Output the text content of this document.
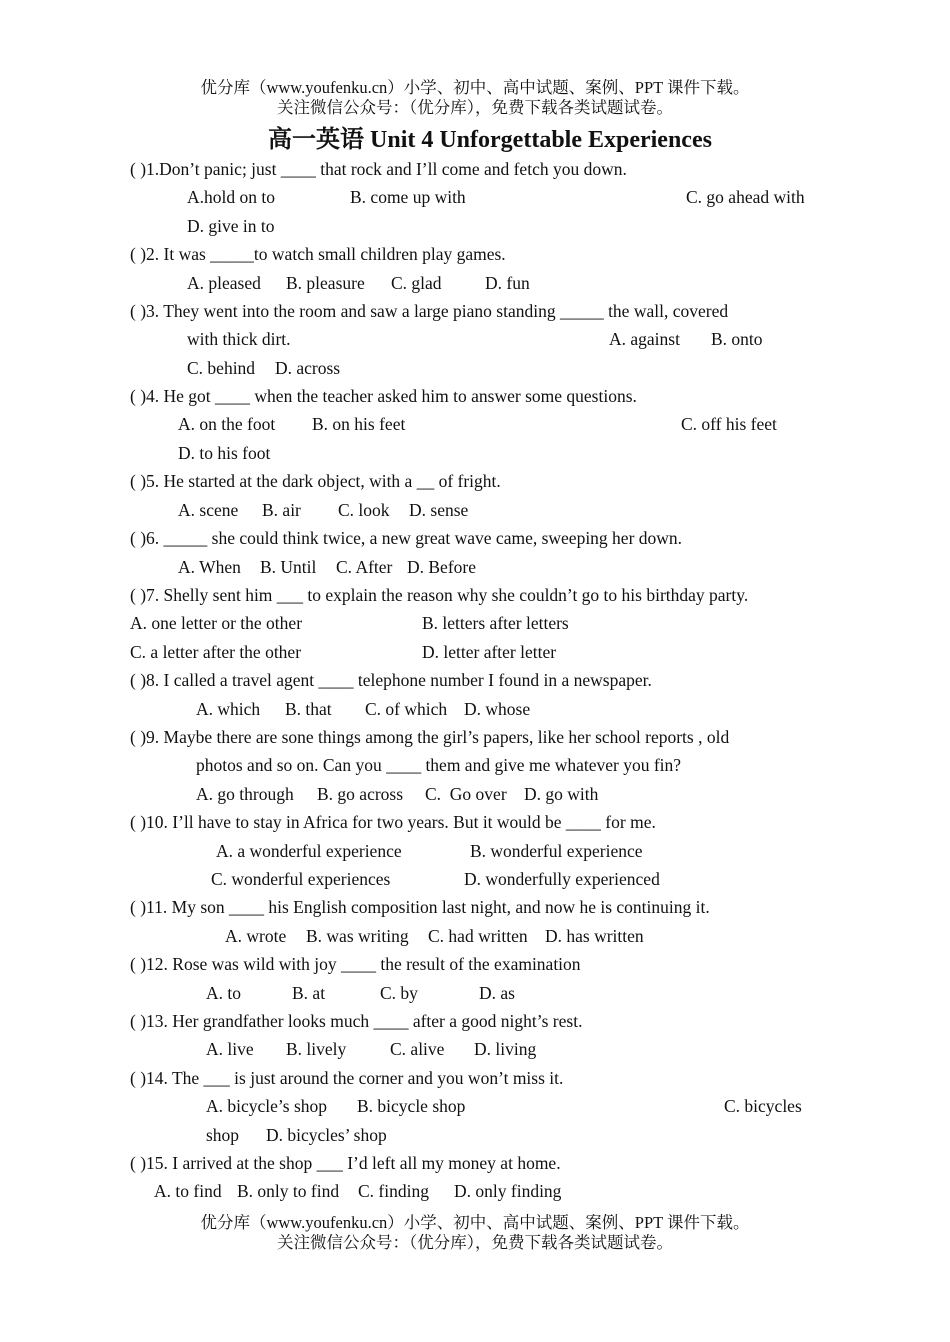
优分库（www.youfenku.cn）小学、初中、高中试题、案例、PPT 课件下载。
关注微信公众号：（优分库），免费下载各类试题试卷。
高一英语 Unit 4 Unforgettable Experiences
( )1.Don’t panic; just ____ that rock and I’ll come and fetch you down.
A.hold on to	B. come up with	C. go ahead with
D. give in to
( )2. It was _____to watch small children play games.
A. pleased B. pleasure C. glad D. fun
( )3. They went into the room and saw a large piano standing _____ the wall, covered
with thick dirt.	A. against B. onto
C. behind D. across
( )4. He got ____ when the teacher asked him to answer some questions.
A. on the foot B. on his feet	C. off his feet
D. to his foot
( )5. He started at the dark object, with a __ of fright.
A. scene B. air C. look D. sense
( )6. _____ she could think twice, a new great wave came, sweeping her down.
A. When B. Until C. After D. Before
( )7. Shelly sent him ___ to explain the reason why she couldn’t go to his birthday party.
A. one letter or the other	B. letters after letters
C. a letter after the other	D. letter after letter
( )8. I called a travel agent ____ telephone number I found in a newspaper.
A. which B. that C. of which D. whose
( )9. Maybe there are sone things among the girl’s papers, like her school reports , old
photos and so on. Can you ____ them and give me whatever you fin?
A. go through B. go across C.  Go over D. go with
( )10. I’ll have to stay in Africa for two years. But it would be ____ for me.
A. a wonderful experience	B. wonderful experience
C. wonderful experiences	D. wonderfully experienced
( )11. My son ____ his English composition last night, and now he is continuing it.
A. wrote B. was writing C. had written D. has written
( )12. Rose was wild with joy ____ the result of the examination
A. to	B. at	C. by	D. as
( )13. Her grandfather looks much ____ after a good night’s rest.
A. live B. lively C. alive D. living
( )14. The ___ is just around the corner and you won’t miss it.
A. bicycle’s shop B. bicycle shop	C. bicycles
shop D. bicycles’ shop
( )15. I arrived at the shop ___ I’d left all my money at home.
A. to find B. only to find C. finding D. only finding
优分库（www.youfenku.cn）小学、初中、高中试题、案例、PPT 课件下载。
关注微信公众号：（优分库），免费下载各类试题试卷。
